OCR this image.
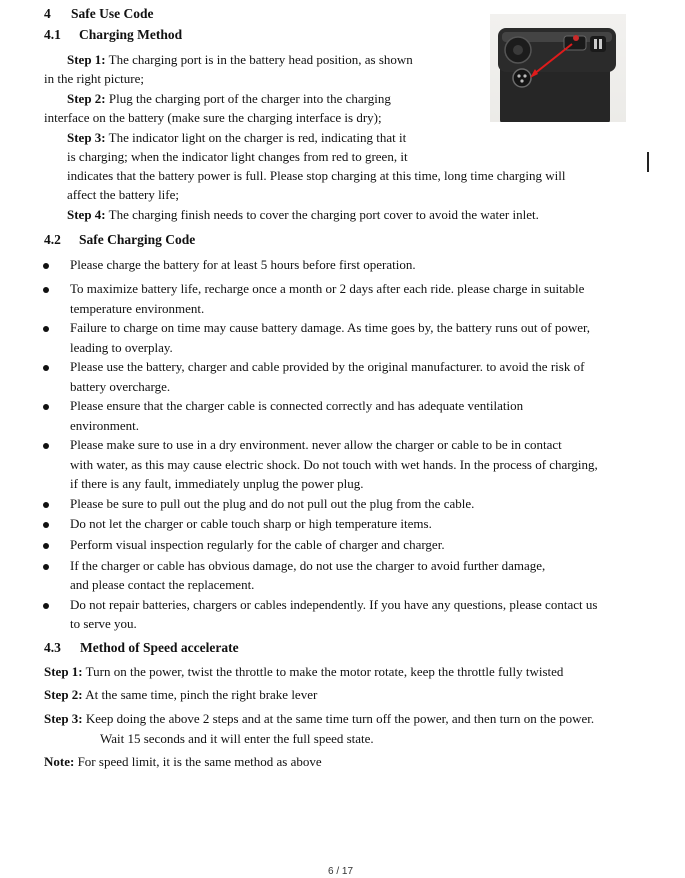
4 Safe Use Code
4.1 Charging Method
Step 1: The charging port is in the battery head position, as shown
in the right picture;
Step 2: Plug the charging port of the charger into the charging
interface on the battery (make sure the charging interface is dry);
Step 3: The indicator light on the charger is red, indicating that it
is charging; when the indicator light changes from red to green, it
indicates that the battery power is full. Please stop charging at this time, long time charging will
affect the battery life;
Step 4: The charging finish needs to cover the charging port cover to avoid the water inlet.
4.2 Safe Charging Code
Please charge the battery for at least 5 hours before first operation.
To maximize battery life, recharge once a month or 2 days after each ride. please charge in suitable
temperature environment.
Failure to charge on time may cause battery damage. As time goes by, the battery runs out of power,
leading to overplay.
Please use the battery, charger and cable provided by the original manufacturer. to avoid the risk of
battery overcharge.
Please ensure that the charger cable is connected correctly and has adequate ventilation
environment.
Please make sure to use in a dry environment. never allow the charger or cable to be in contact
with water, as this may cause electric shock. Do not touch with wet hands. In the process of charging,
if there is any fault, immediately unplug the power plug.
Please be sure to pull out the plug and do not pull out the plug from the cable.
Do not let the charger or cable touch sharp or high temperature items.
Perform visual inspection regularly for the cable of charger and charger.
If the charger or cable has obvious damage, do not use the charger to avoid further damage,
and please contact the replacement.
Do not repair batteries, chargers or cables independently. If you have any questions, please contact us
to serve you.
4.3 Method of Speed accelerate
Step 1: Turn on the power, twist the throttle to make the motor rotate, keep the throttle fully twisted
Step 2: At the same time, pinch the right brake lever
Step 3: Keep doing the above 2 steps and at the same time turn off the power, and then turn on the power.
Wait 15 seconds and it will enter the full speed state.
Note: For speed limit, it is the same method as above
6 / 17
